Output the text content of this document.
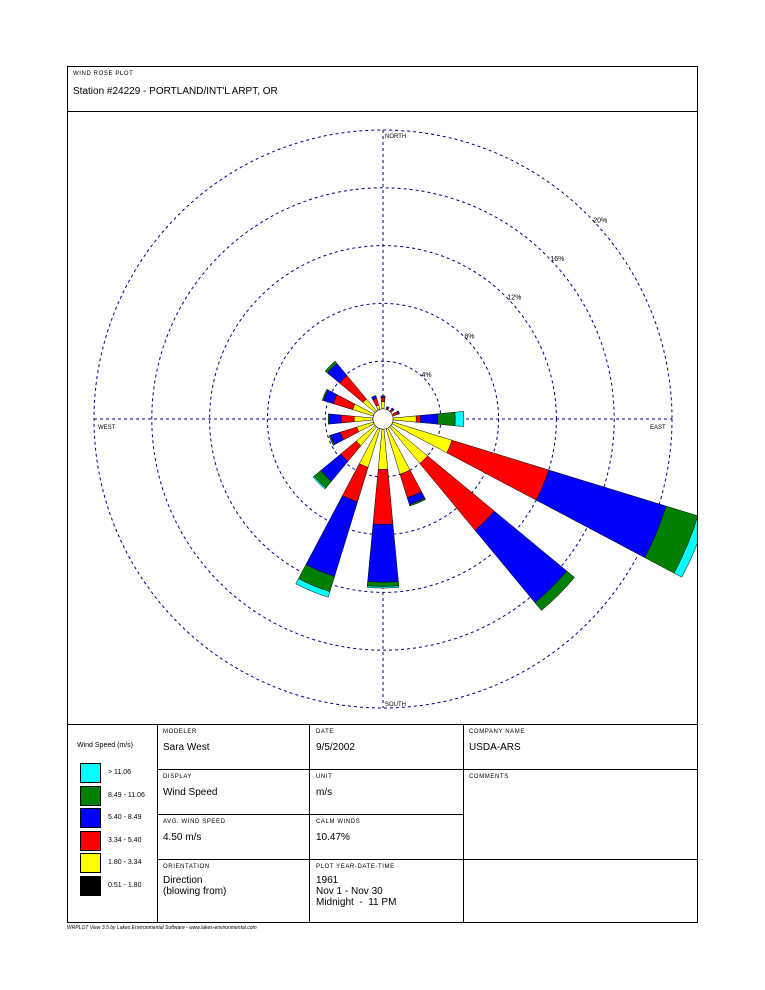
WIND ROSE PLOT
Station #24229 - PORTLAND/INT'L ARPT, OR
4%
8%
12%
16%
20%
NORTH
SOUTH
EAST
WEST
Wind Speed (m/s)
> 11.06
8.49 - 11.06
5.40 - 8.49
3.34 - 5.40
1.80 - 3.34
0.51 - 1.80
MODELER
Sara West
DATE
9/5/2002
COMPANY NAME
USDA-ARS
DISPLAY
Wind Speed
UNIT
m/s
COMMENTS
AVG. WIND SPEED
4.50 m/s
CALM WINDS
10.47%
ORIENTATION
Direction
(blowing from)
PLOT YEAR-DATE-TIME
1961
Nov 1 - Nov 30
Midnight  -  11 PM
WRPLOT View 3.5 by Lakes Environmental Software - www.lakes-environmental.com
